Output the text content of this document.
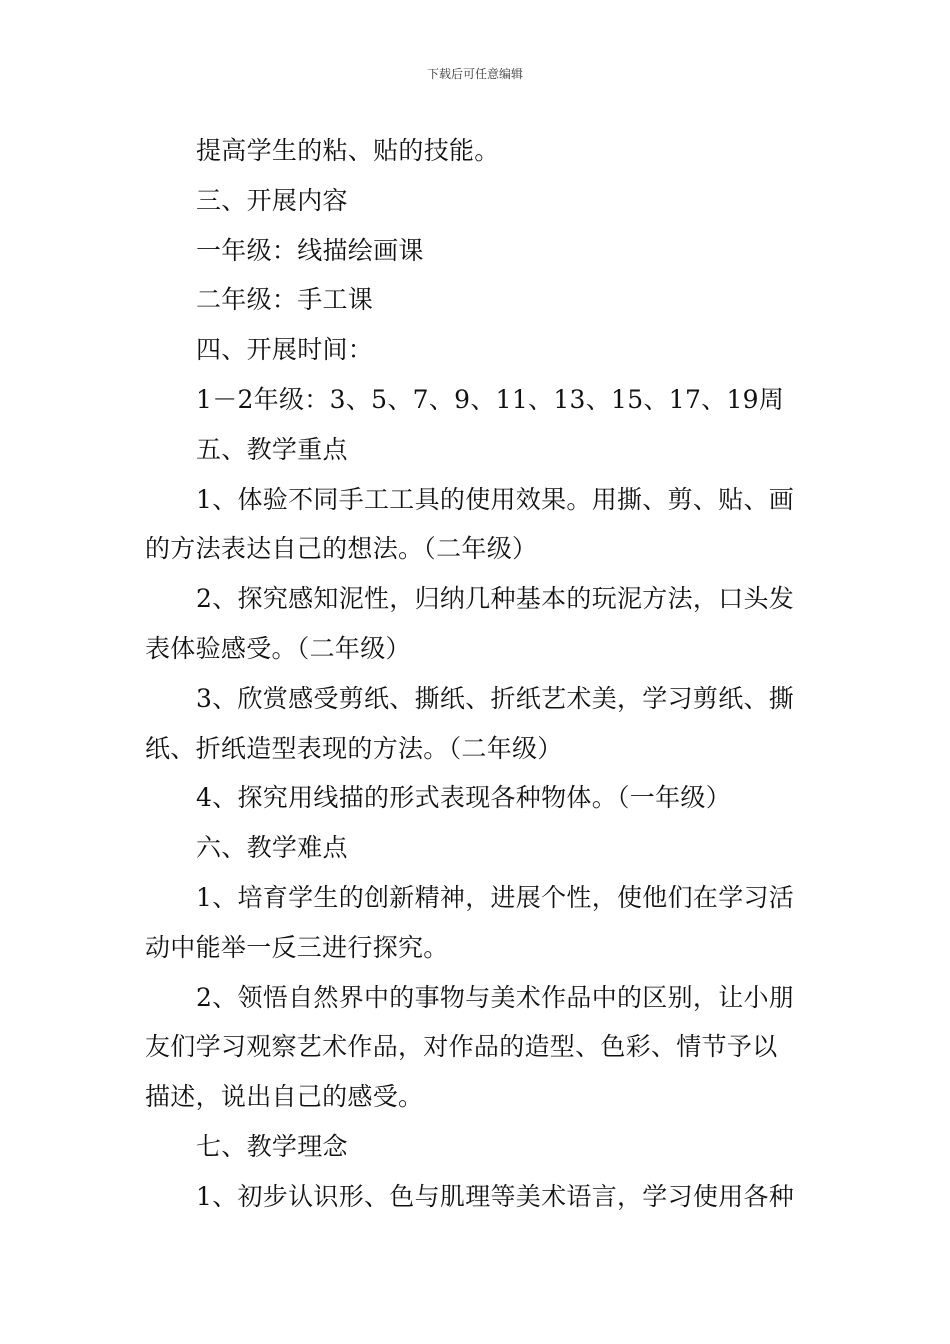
下载后可任意编辑
提高学生的粘、贴的技能。
三、开展内容
一年级：线描绘画课
二年级：手工课
四、开展时间：
1－2年级：3、5、7、9、11、13、15、17、19周
五、教学重点
1、体验不同手工工具的使用效果。用撕、剪、贴、画
的方法表达自己的想法。（二年级）
2、探究感知泥性，归纳几种基本的玩泥方法，口头发
表体验感受。（二年级）
3、欣赏感受剪纸、撕纸、折纸艺术美，学习剪纸、撕
纸、折纸造型表现的方法。（二年级）
4、探究用线描的形式表现各种物体。（一年级）
六、教学难点
1、培育学生的创新精神，进展个性，使他们在学习活
动中能举一反三进行探究。
2、领悟自然界中的事物与美术作品中的区别，让小朋
友们学习观察艺术作品，对作品的造型、色彩、情节予以
描述，说出自己的感受。
七、教学理念
1、初步认识形、色与肌理等美术语言，学习使用各种
